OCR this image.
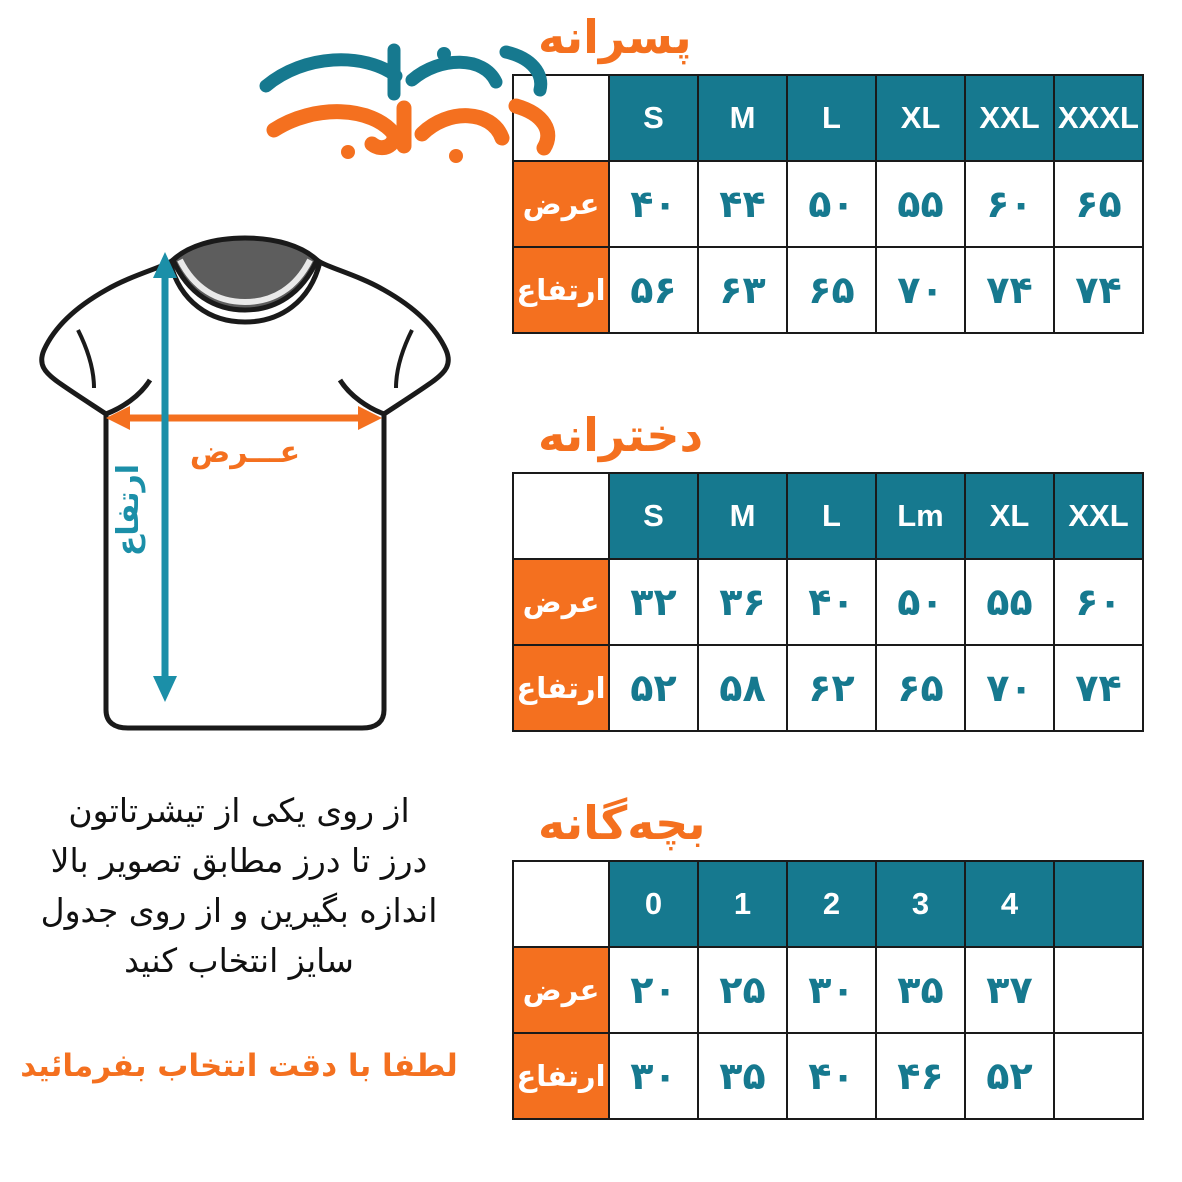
پسرانه
	S	M	L	XL	XXL	XXXL
عرض	۴۰	۴۴	۵۰	۵۵	۶۰	۶۵
ارتفاع	۵۶	۶۳	۶۵	۷۰	۷۴	۷۴
دخترانه
	S	M	L	Lm	XL	XXL
عرض	۳۲	۳۶	۴۰	۵۰	۵۵	۶۰
ارتفاع	۵۲	۵۸	۶۲	۶۵	۷۰	۷۴
بچه‌گانه
	0	1	2	3	4	
عرض	۲۰	۲۵	۳۰	۳۵	۳۷	
ارتفاع	۳۰	۳۵	۴۰	۴۶	۵۲	
عـــرض
ارتفاع
از روی یکی از تیشرتاتون
درز تا درز مطابق تصویر بالا
اندازه بگیرین و از روی جدول
سایز انتخاب کنید
لطفا با دقت انتخاب بفرمائید
